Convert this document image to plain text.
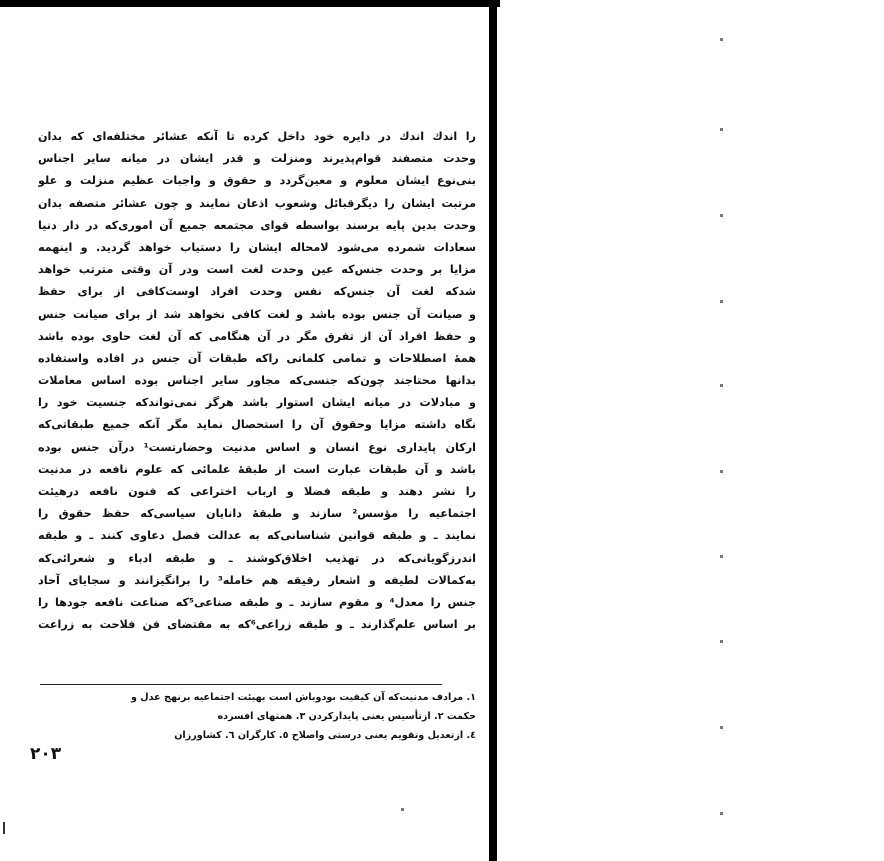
را اندك اندك در دايره خود داخل كرده تا آنكه عشائر مختلفه‌اى كه بدان
وحدت متصفند قوام‌پذيرند ومنزلت و قدر ايشان در ميانه ساير اجناس
بنى‌نوع ايشان معلوم و معين‌گردد و حقوق و واجبات عظيم منزلت و علو
مرتبت ايشان را ديگرقبائل وشعوب اذعان نمايند و چون عشائر متصفه بدان
وحدت بدين پايه برسند بواسطه قواى مجتمعه جميع آن امورى‌كه در دار دنيا
سعادات شمرده مى‌شود لامحاله ايشان را دستياب خواهد گرديد. و اينهمه
مزايا بر وحدت جنس‌كه عين وحدت لغت است ودر آن وقتى مترتب خواهد
شدكه لغت آن جنس‌كه نفس وحدت افراد اوست‌كافى از براى حفظ
و صيانت آن جنس بوده باشد و لغت كافى نخواهد شد از براى صيانت جنس
و حفظ افراد آن از تفرق مگر در آن هنگامى كه آن لغت حاوى بوده باشد
همهٔ اصطلاحات و تمامى كلماتى راكه طبقات آن جنس در افاده واستفاده
بدانها محتاجند چون‌كه جنسى‌كه مجاور ساير اجناس بوده اساس معاملات
و مبادلات در ميانه ايشان استوار باشد هرگز نمى‌تواندكه جنسيت خود را
نگاه داشته مزايا وحقوق آن را استحصال نمايد مگر آنكه جميع طبقاتى‌كه
اركان پايدارى نوع انسان و اساس مدنيت وحضارتست¹ درآن جنس بوده
باشد و آن طبقات عبارت است از طبقهٔ علمائى كه علوم نافعه در مدنيت
را نشر دهند و طبقه فضلا و ارباب اختراعى كه فنون نافعه درهيئت
اجتماعيه را مؤسس² سازند و طبقهٔ دانايان سياسى‌كه حفظ حقوق را
نمايند ـ و طبقه قوانين شناسانى‌كه به عدالت فصل دعاوى كنند ـ و طبقه
اندرزگويانى‌كه در تهذيب اخلاق‌كوشند ـ و طبقه ادباء و شعرائى‌كه
به‌كمالات لطيفه و اشعار رقيقه هم خامله³ را برانگيزانند و سجاياى آحاد
جنس را معدل⁴ و مقوم سازند ـ و طبقه صناعى⁵كه صناعت نافعه جودها را
بر اساس علم‌گذارند ـ و طبقه زراعى⁶كه به مقتضاى فن فلاحت به زراعت
١. مرادف مدنيت‌كه آن كيفيت بودوباش است بهيئت اجتماعيه برنهج عدل و
حكمت ٢. ازتأسيس يعنى پايدارکردن ٣. همتهاى افسرده
٤. ازتعديل وتقويم يعنى درستى واصلاح ٥. كارگران ٦. كشاورزان
٢٠٣
